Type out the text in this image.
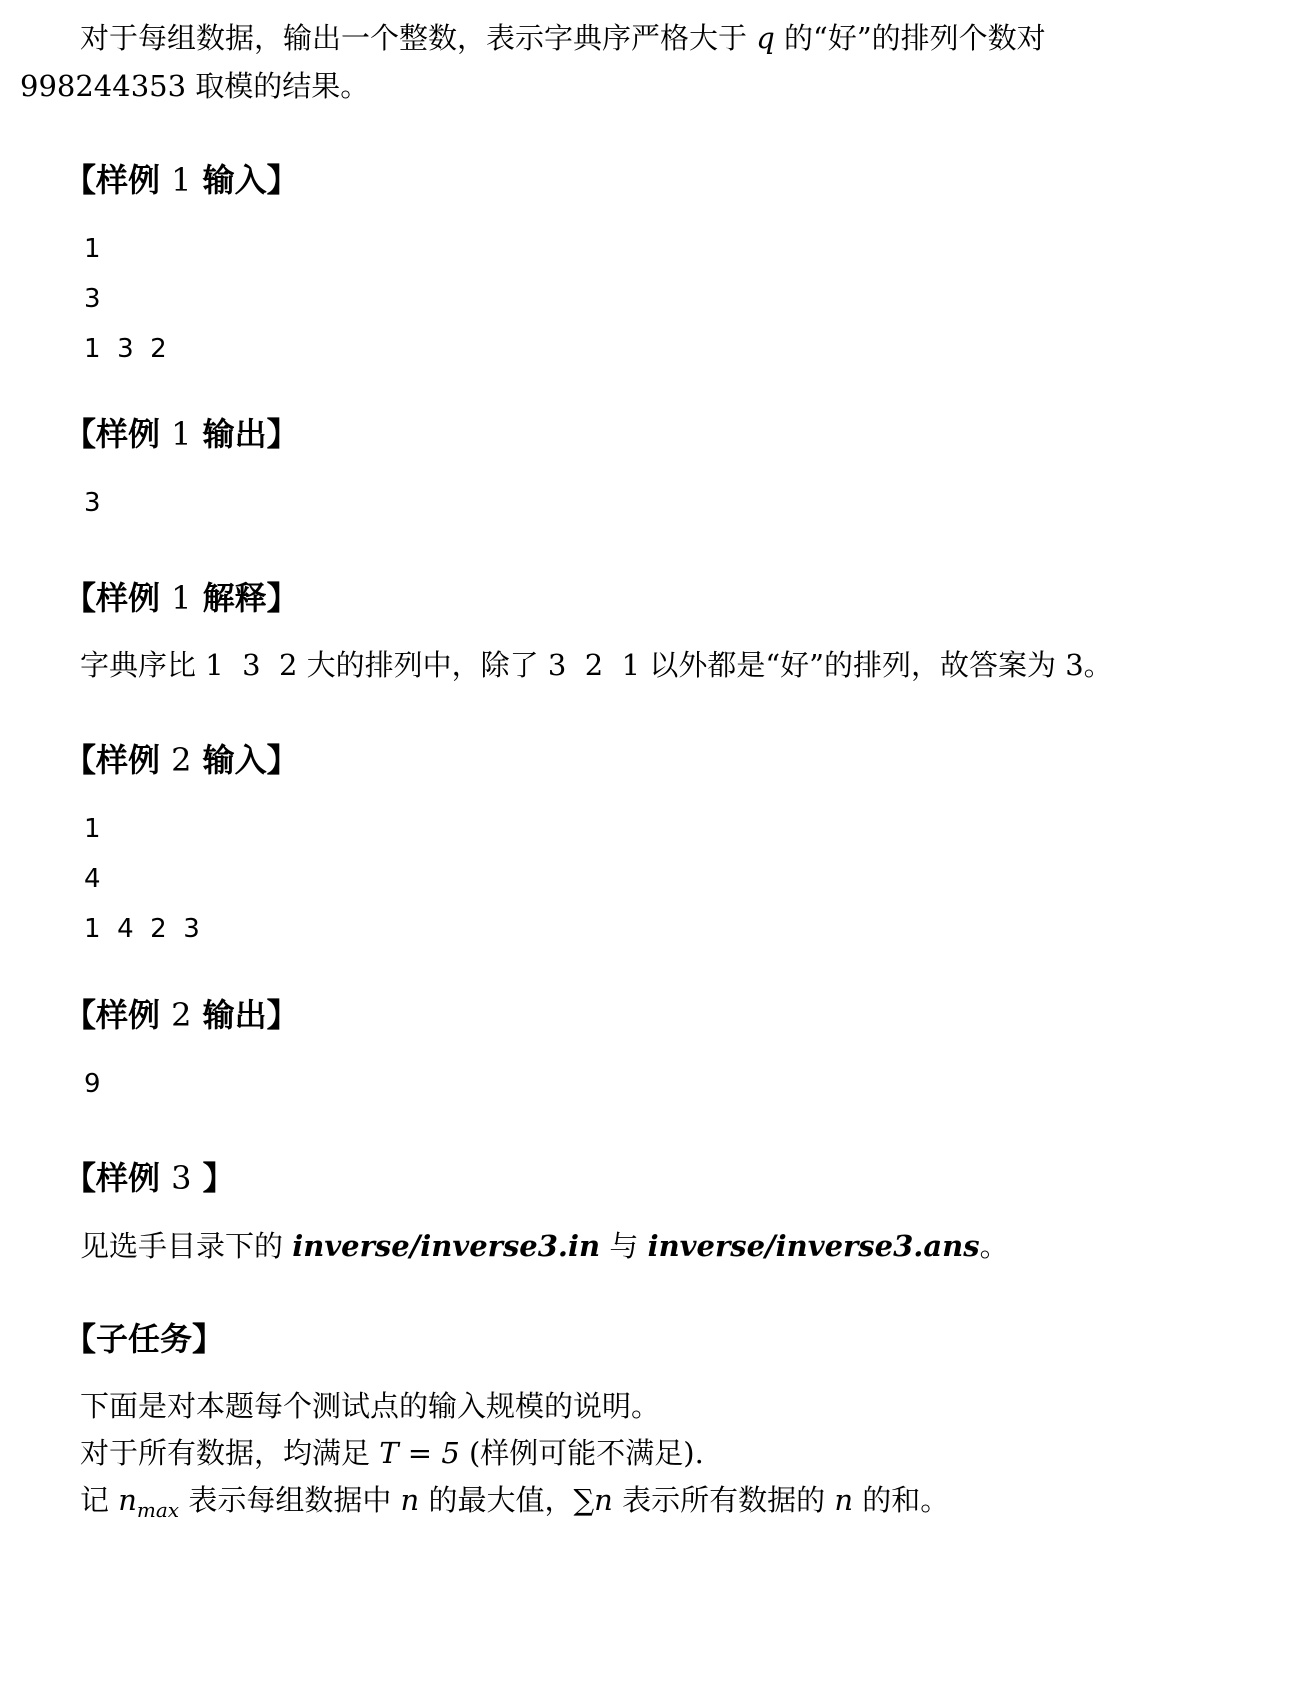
对于每组数据，输出一个整数，表示字典序严格大于 q 的“好”的排列个数对
998244353 取模的结果。
【样例 1 输入】
1
3
1  3  2
【样例 1 输出】
3
【样例 1 解释】
字典序比 1  3  2 大的排列中，除了 3  2  1 以外都是“好”的排列，故答案为 3。
【样例 2 输入】
1
4
1  4  2  3
【样例 2 输出】
9
【样例 3 】
见选手目录下的 inverse/inverse3.in 与 inverse/inverse3.ans。
【子任务】
下面是对本题每个测试点的输入规模的说明。
对于所有数据，均满足 T = 5 (样例可能不满足).
记 $n_{max}$ 表示每组数据中 n 的最大值，∑n 表示所有数据的 n 的和。
